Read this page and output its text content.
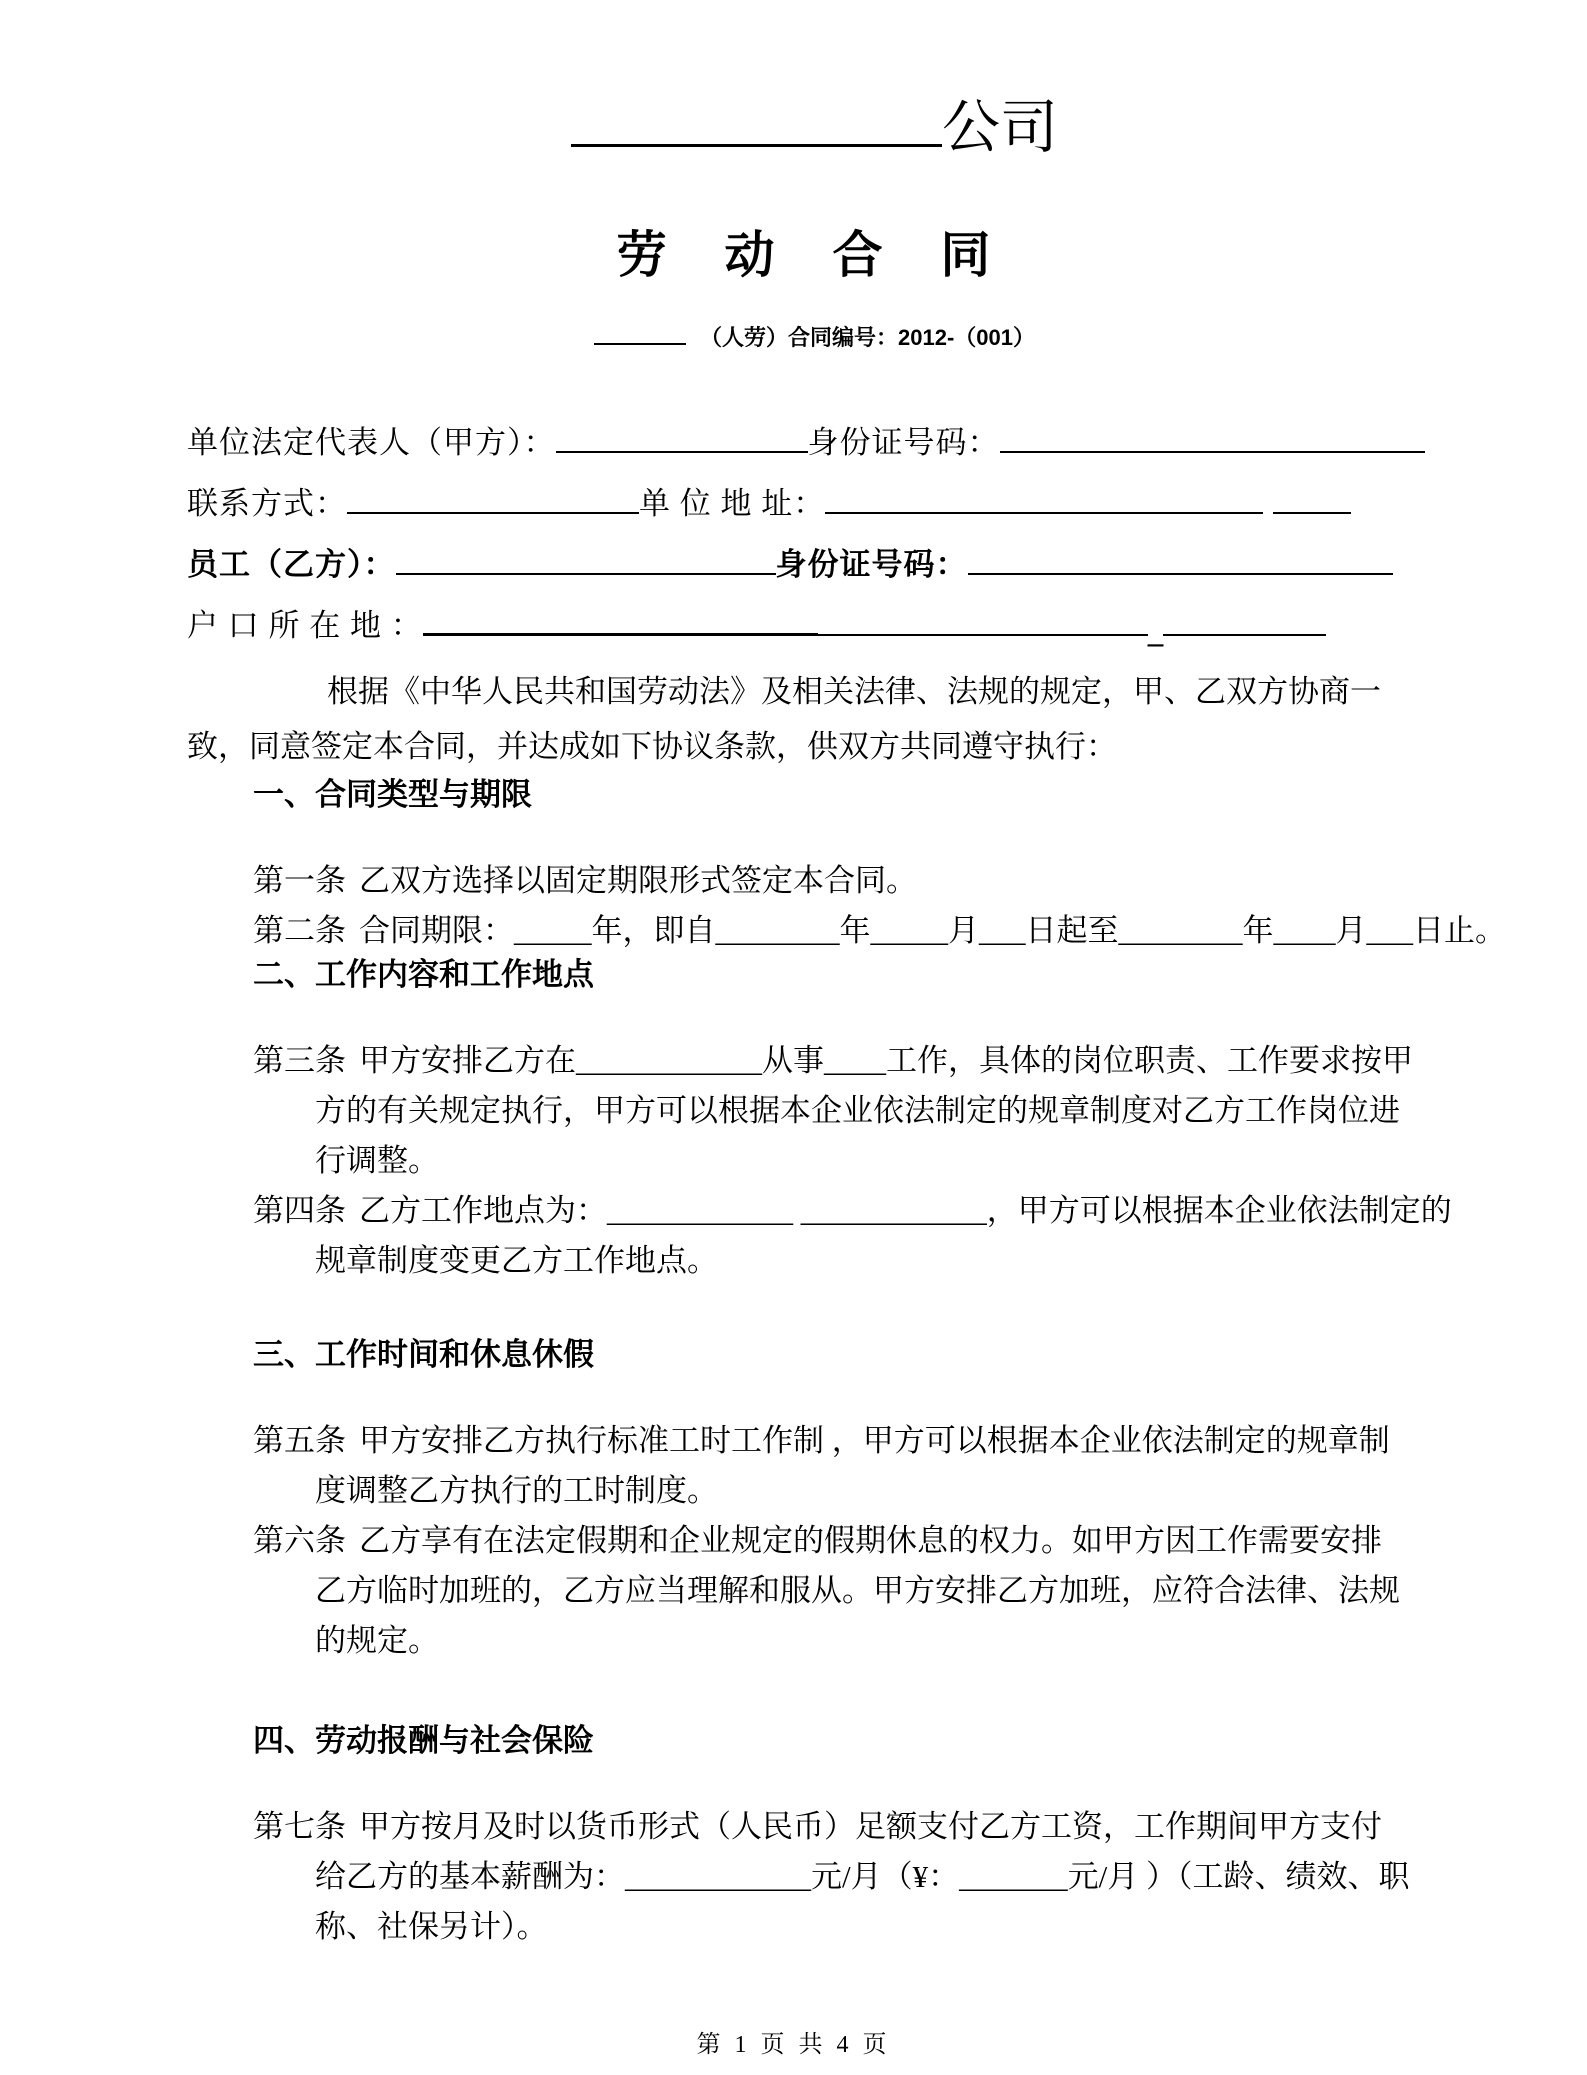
公司
劳 动 合 同
（人劳）合同编号：2012-（001）
单位法定代表人（甲方）：	身份证号码：
联系方式：	单 位 地 址：
员工（乙方）：	身份证号码：
户 口 所 在 地 ：	_
根据《中华人民共和国劳动法》及相关法律、法规的规定，甲、乙双方协商一
致，同意签定本合同，并达成如下协议条款，供双方共同遵守执行：
一、合同类型与期限
第一条 乙双方选择以固定期限形式签定本合同。
第二条 合同期限：_____年，即自________年_____月___日起至________年____月___日止。
二、工作内容和工作地点
第三条 甲方安排乙方在____________从事____工作，具体的岗位职责、工作要求按甲
方的有关规定执行，甲方可以根据本企业依法制定的规章制度对乙方工作岗位进
行调整。
第四条 乙方工作地点为：____________ ____________，甲方可以根据本企业依法制定的
规章制度变更乙方工作地点。
三、工作时间和休息休假
第五条 甲方安排乙方执行标准工时工作制 ，甲方可以根据本企业依法制定的规章制
度调整乙方执行的工时制度。
第六条 乙方享有在法定假期和企业规定的假期休息的权力。如甲方因工作需要安排
乙方临时加班的，乙方应当理解和服从。甲方安排乙方加班，应符合法律、法规
的规定。
四、劳动报酬与社会保险
第七条 甲方按月及时以货币形式（人民币）足额支付乙方工资，工作期间甲方支付
给乙方的基本薪酬为：____________元/月（¥：_______元/月 ）（工龄、绩效、职
称、社保另计）。
第 1 页 共 4 页
